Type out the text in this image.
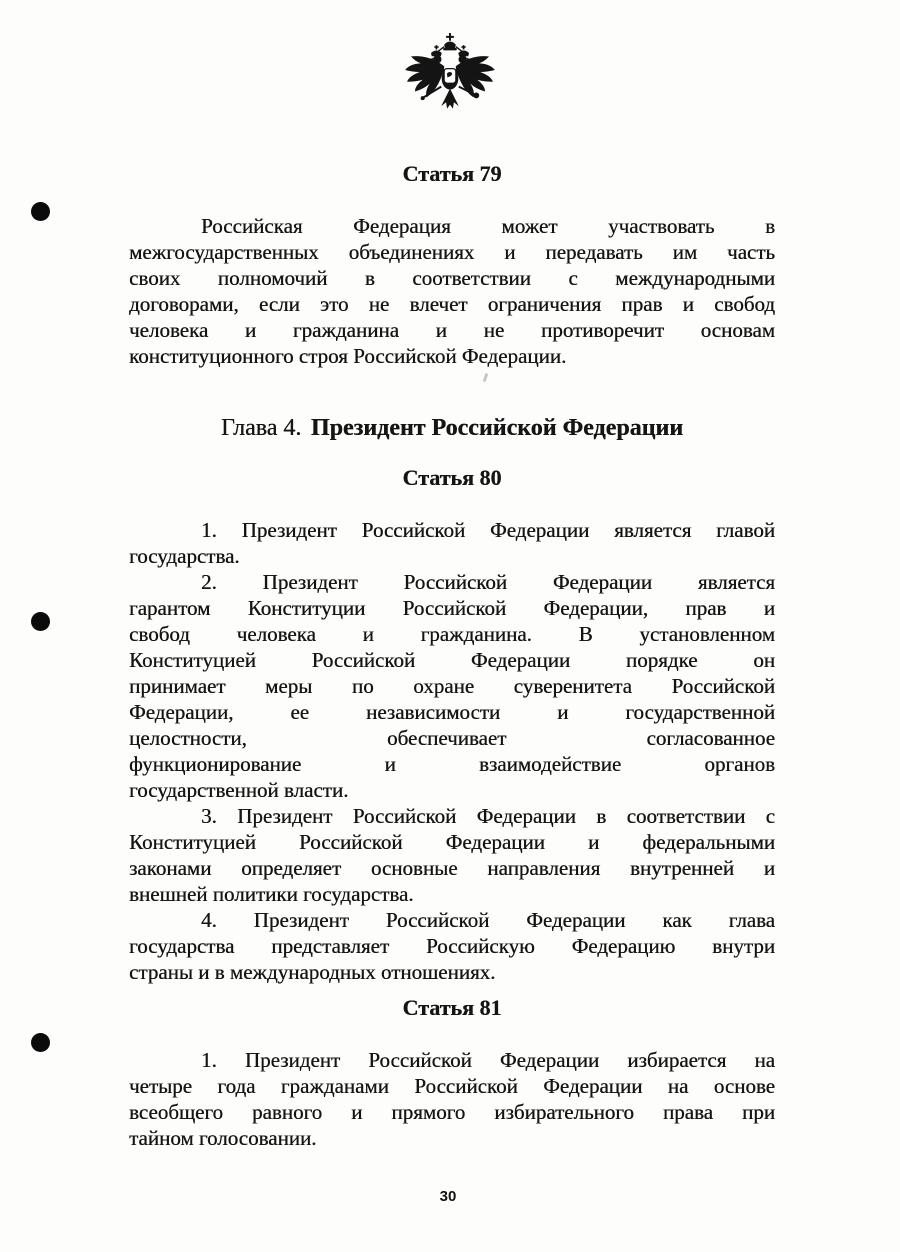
Статья 79
Российская Федерация может участвовать в
межгосударственных объединениях и передавать им часть
своих полномочий в соответствии с международными
договорами, если это не влечет ограничения прав и свобод
человека и гражданина и не противоречит основам
конституционного строя Российской Федерации.
Глава 4. Президент Российской Федерации
Статья 80
1. Президент Российской Федерации является главой
государства.
2. Президент Российской Федерации является
гарантом Конституции Российской Федерации, прав и
свобод человека и гражданина. В установленном
Конституцией Российской Федерации порядке он
принимает меры по охране суверенитета Российской
Федерации, ее независимости и государственной
целостности, обеспечивает согласованное
функционирование и взаимодействие органов
государственной власти.
3. Президент Российской Федерации в соответствии с
Конституцией Российской Федерации и федеральными
законами определяет основные направления внутренней и
внешней политики государства.
4. Президент Российской Федерации как глава
государства представляет Российскую Федерацию внутри
страны и в международных отношениях.
Статья 81
1. Президент Российской Федерации избирается на
четыре года гражданами Российской Федерации на основе
всеобщего равного и прямого избирательного права при
тайном голосовании.
30
